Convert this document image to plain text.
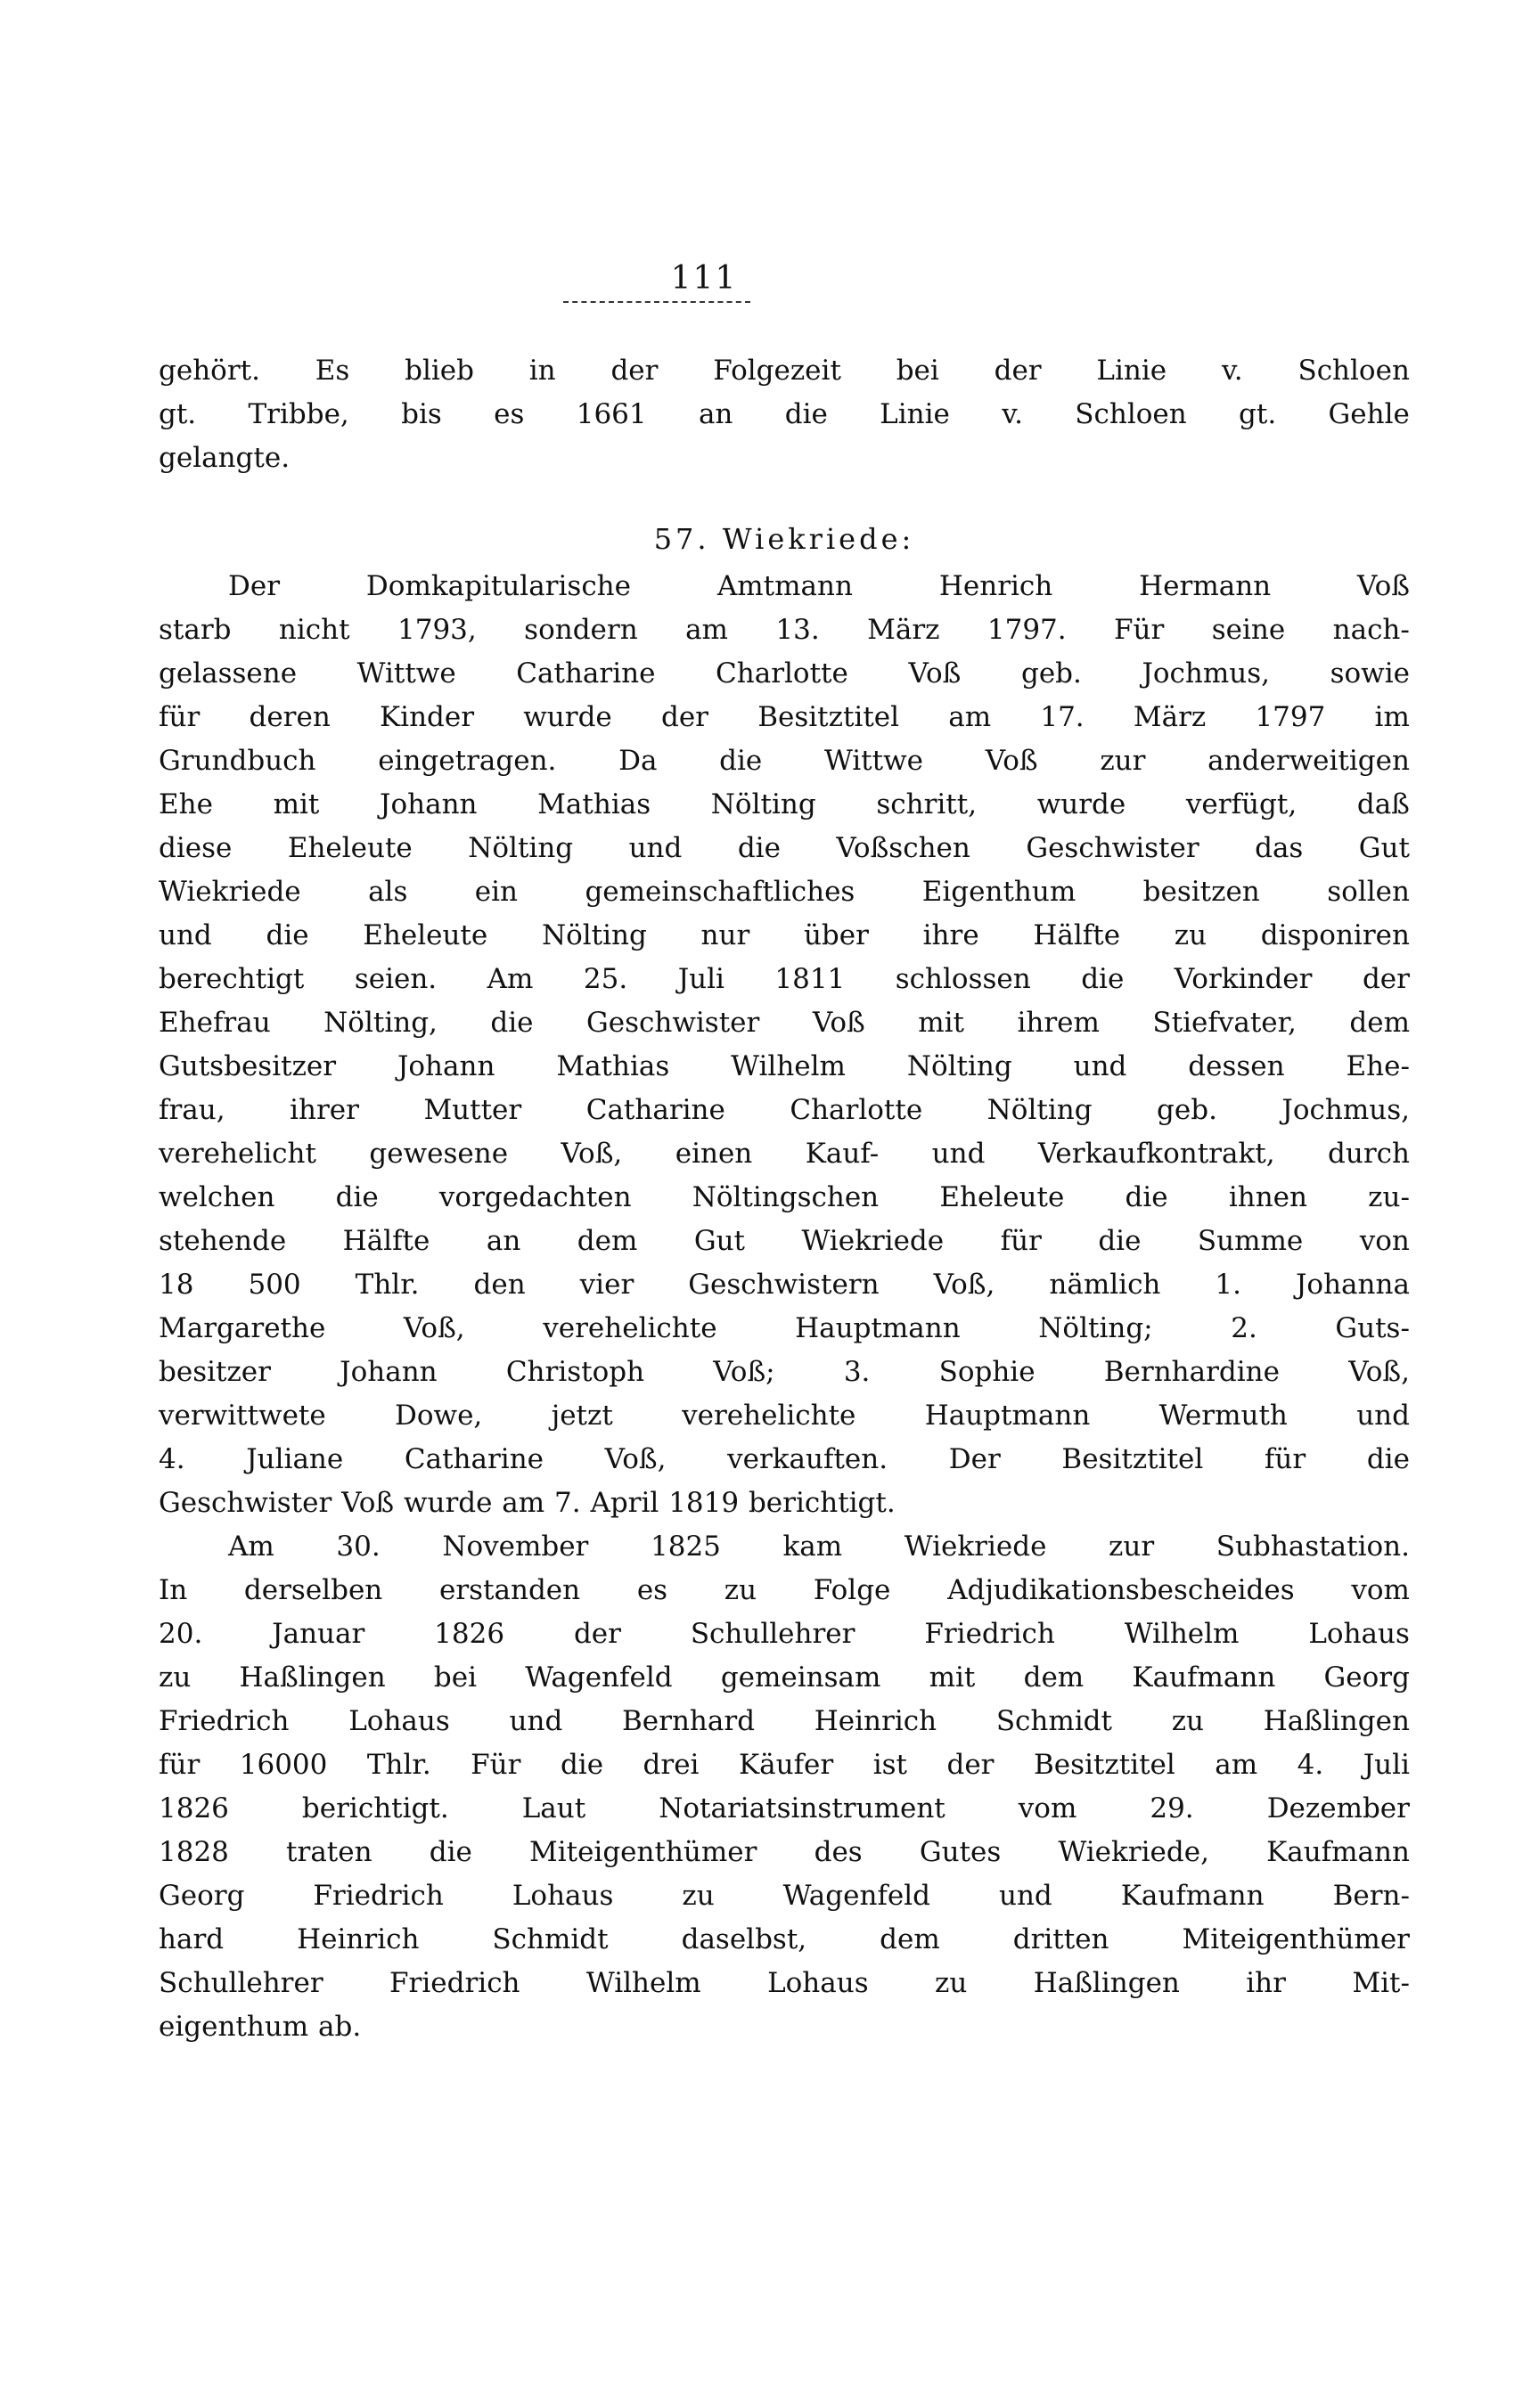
111
gehört. Es blieb in der Folgezeit bei der Linie v. Schloen
gt. Tribbe, bis es 1661 an die Linie v. Schloen gt. Gehle
gelangte.
57. Wiekriede:
Der	Domkapitularische	Amtmann	Henrich	Hermann	Voß
starb nicht 1793, sondern am 13. März 1797. Für seine nach-
gelassene Wittwe Catharine Charlotte Voß geb. Jochmus, sowie
für deren Kinder wurde der Besitztitel am 17. März 1797 im
Grundbuch eingetragen. Da die Wittwe Voß zur anderweitigen
Ehe mit Johann Mathias Nölting schritt, wurde verfügt, daß
diese Eheleute Nölting und die Voßschen Geschwister das Gut
Wiekriede als ein gemeinschaftliches Eigenthum besitzen sollen
und die Eheleute Nölting nur über ihre Hälfte zu disponiren
berechtigt seien. Am 25. Juli 1811 schlossen die Vorkinder der
Ehefrau Nölting, die Geschwister Voß mit ihrem Stiefvater, dem
Gutsbesitzer Johann Mathias Wilhelm Nölting und dessen Ehe-
frau, ihrer Mutter Catharine Charlotte Nölting geb. Jochmus,
verehelicht gewesene Voß, einen Kauf- und Verkaufkontrakt, durch
welchen die vorgedachten Nöltingschen Eheleute die ihnen zu-
stehende Hälfte an dem Gut Wiekriede für die Summe von
18 500 Thlr. den vier Geschwistern Voß, nämlich 1. Johanna
Margarethe	Voß,	verehelichte	Hauptmann	Nölting;	2.	Guts-
besitzer Johann Christoph Voß; 3. Sophie Bernhardine Voß,
verwittwete Dowe, jetzt verehelichte Hauptmann Wermuth und
4. Juliane Catharine Voß, verkauften. Der Besitztitel für die
Geschwister Voß wurde am 7. April 1819 berichtigt.
Am 30. November 1825 kam Wiekriede zur Subhastation.
In derselben erstanden es zu Folge Adjudikationsbescheides vom
20.	Januar	1826	der	Schullehrer	Friedrich	Wilhelm	Lohaus
zu Haßlingen bei Wagenfeld gemeinsam mit dem Kaufmann Georg
Friedrich Lohaus und Bernhard Heinrich Schmidt zu Haßlingen
für 16000 Thlr. Für die drei Käufer ist der Besitztitel am 4. Juli
1826	berichtigt.	Laut	Notariatsinstrument	vom	29.	Dezember
1828 traten die Miteigenthümer des Gutes Wiekriede, Kaufmann
Georg Friedrich Lohaus zu Wagenfeld und Kaufmann Bern-
hard	Heinrich	Schmidt	daselbst,	dem	dritten	Miteigenthümer
Schullehrer Friedrich Wilhelm Lohaus zu Haßlingen ihr Mit-
eigenthum ab.
